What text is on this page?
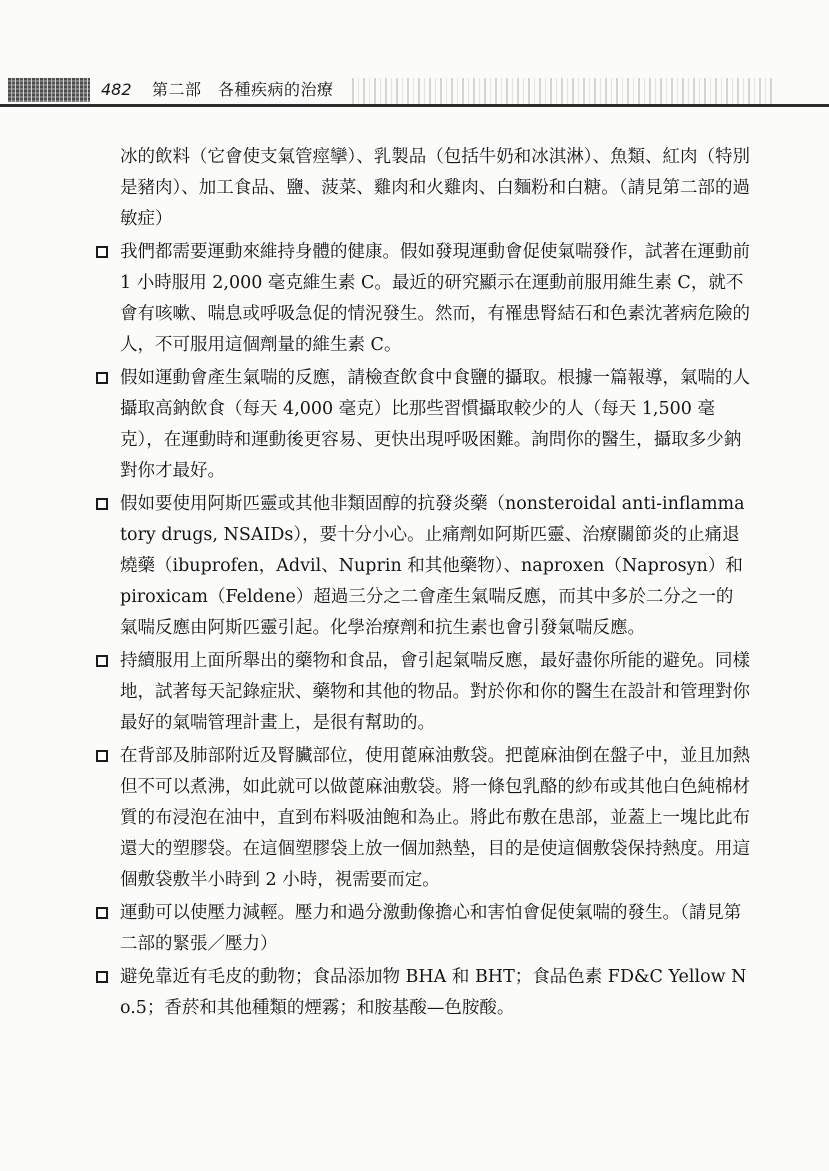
482 第二部　各種疾病的治療
冰的飲料（它會使支氣管痙攣）、乳製品（包括牛奶和冰淇淋）、魚類、紅肉（特別是豬肉）、加工食品、鹽、菠菜、雞肉和火雞肉、白麵粉和白糖。（請見第二部的過敏症）
我們都需要運動來維持身體的健康。假如發現運動會促使氣喘發作，試著在運動前 1 小時服用 2,000 毫克維生素 C。最近的研究顯示在運動前服用維生素 C，就不會有咳嗽、喘息或呼吸急促的情況發生。然而，有罹患腎結石和色素沈著病危險的人，不可服用這個劑量的維生素 C。
假如運動會產生氣喘的反應，請檢查飲食中食鹽的攝取。根據一篇報導，氣喘的人攝取高鈉飲食（每天 4,000 毫克）比那些習慣攝取較少的人（每天 1,500 毫克），在運動時和運動後更容易、更快出現呼吸困難。詢問你的醫生，攝取多少鈉對你才最好。
假如要使用阿斯匹靈或其他非類固醇的抗發炎藥（nonsteroidal anti-inflammatory drugs, NSAIDs），要十分小心。止痛劑如阿斯匹靈、治療關節炎的止痛退燒藥（ibuprofen，Advil、Nuprin 和其他藥物）、naproxen（Naprosyn）和 piroxicam（Feldene）超過三分之二會產生氣喘反應，而其中多於二分之一的氣喘反應由阿斯匹靈引起。化學治療劑和抗生素也會引發氣喘反應。
持續服用上面所舉出的藥物和食品，會引起氣喘反應，最好盡你所能的避免。同樣地，試著每天記錄症狀、藥物和其他的物品。對於你和你的醫生在設計和管理對你最好的氣喘管理計畫上，是很有幫助的。
在背部及肺部附近及腎臟部位，使用蓖麻油敷袋。把蓖麻油倒在盤子中，並且加熱但不可以煮沸，如此就可以做蓖麻油敷袋。將一條包乳酪的紗布或其他白色純棉材質的布浸泡在油中，直到布料吸油飽和為止。將此布敷在患部，並蓋上一塊比此布還大的塑膠袋。在這個塑膠袋上放一個加熱墊，目的是使這個敷袋保持熱度。用這個敷袋敷半小時到 2 小時，視需要而定。
運動可以使壓力減輕。壓力和過分激動像擔心和害怕會促使氣喘的發生。（請見第二部的緊張／壓力）
避免靠近有毛皮的動物；食品添加物 BHA 和 BHT；食品色素 FD&C Yellow No.5；香菸和其他種類的煙霧；和胺基酸—色胺酸。
